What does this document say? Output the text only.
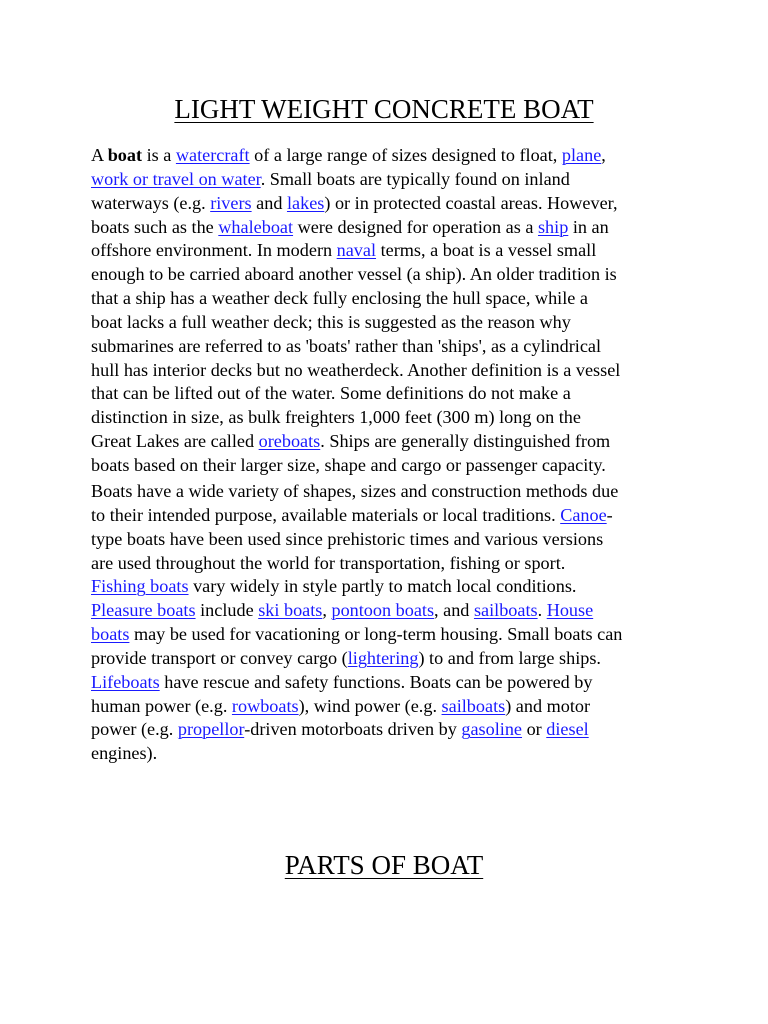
LIGHT WEIGHT CONCRETE BOAT

A boat is a watercraft of a large range of sizes designed to float, plane,
work or travel on water. Small boats are typically found on inland
waterways (e.g. rivers and lakes) or in protected coastal areas. However,
boats such as the whaleboat were designed for operation as a ship in an
offshore environment. In modern naval terms, a boat is a vessel small
enough to be carried aboard another vessel (a ship). An older tradition is
that a ship has a weather deck fully enclosing the hull space, while a
boat lacks a full weather deck; this is suggested as the reason why
submarines are referred to as 'boats' rather than 'ships', as a cylindrical
hull has interior decks but no weatherdeck. Another definition is a vessel
that can be lifted out of the water. Some definitions do not make a
distinction in size, as bulk freighters 1,000 feet (300 m) long on the
Great Lakes are called oreboats. Ships are generally distinguished from
boats based on their larger size, shape and cargo or passenger capacity.

Boats have a wide variety of shapes, sizes and construction methods due
to their intended purpose, available materials or local traditions. Canoe-
type boats have been used since prehistoric times and various versions
are used throughout the world for transportation, fishing or sport.
Fishing boats vary widely in style partly to match local conditions.
Pleasure boats include ski boats, pontoon boats, and sailboats. House
boats may be used for vacationing or long-term housing. Small boats can
provide transport or convey cargo (lightering) to and from large ships.
Lifeboats have rescue and safety functions. Boats can be powered by
human power (e.g. rowboats), wind power (e.g. sailboats) and motor
power (e.g. propellor-driven motorboats driven by gasoline or diesel
engines).

PARTS OF BOAT
